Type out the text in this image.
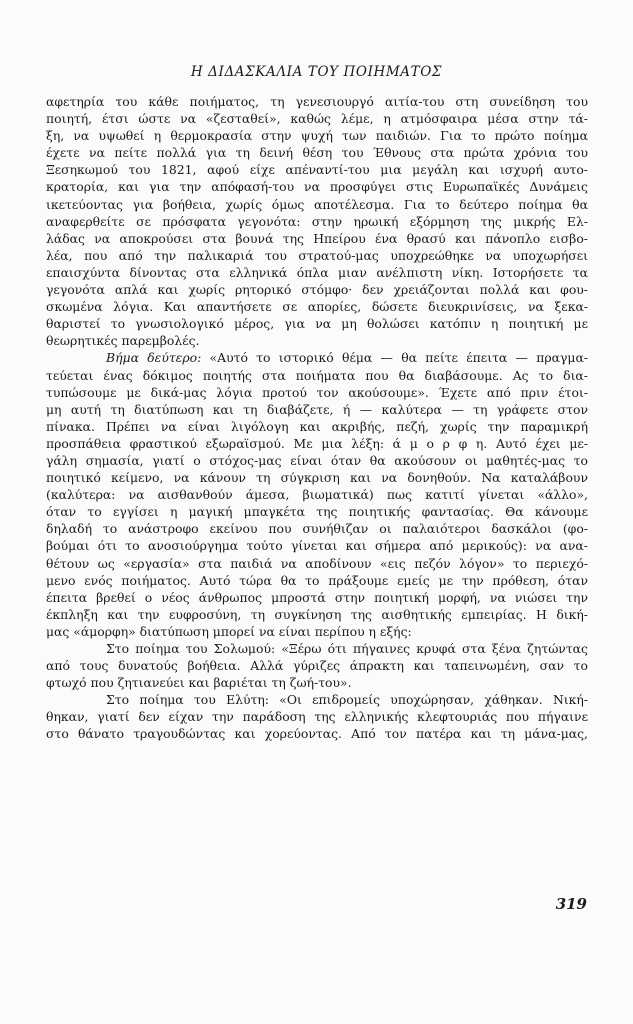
Η ΔΙΔΑΣΚΑΛΙΑ ΤΟΥ ΠΟΙΗΜΑΤΟΣ
αφετηρία του κάθε ποιήματος, τη γενεσιουργό αιτία-του στη συνείδηση του
ποιητή, έτσι ώστε να «ζεσταθεί», καθώς λέμε, η ατμόσφαιρα μέσα στην τά-
ξη, να υψωθεί η θερμοκρασία στην ψυχή των παιδιών. Για το πρώτο ποίημα
έχετε να πείτε πολλά για τη δεινή θέση του Έθνους στα πρώτα χρόνια του
Ξεσηκωμού του 1821, αφού είχε απέναντί-του μια μεγάλη και ισχυρή αυτο-
κρατορία, και για την απόφασή-του να προσφύγει στις Ευρωπαϊκές Δυνάμεις
ικετεύοντας για βοήθεια, χωρίς όμως αποτέλεσμα. Για το δεύτερο ποίημα θα
αναφερθείτε σε πρόσφατα γεγονότα: στην ηρωική εξόρμηση της μικρής Ελ-
λάδας να αποκρούσει στα βουνά της Ηπείρου ένα θρασύ και πάνοπλο εισβο-
λέα, που από την παλικαριά του στρατού-μας υποχρεώθηκε να υποχωρήσει
επαισχύντα δίνοντας στα ελληνικά όπλα μιαν ανέλπιστη νίκη. Ιστορήσετε τα
γεγονότα απλά και χωρίς ρητορικό στόμφο· δεν χρειάζονται πολλά και φου-
σκωμένα λόγια. Και απαντήσετε σε απορίες, δώσετε διευκρινίσεις, να ξεκα-
θαριστεί το γνωσιολογικό μέρος, για να μη θολώσει κατόπιν η ποιητική με
θεωρητικές παρεμβολές.
Βήμα δεύτερο: «Αυτό το ιστορικό θέμα — θα πείτε έπειτα — πραγμα-
τεύεται ένας δόκιμος ποιητής στα ποιήματα που θα διαβάσουμε. Ας το δια-
τυπώσουμε με δικά-μας λόγια προτού τον ακούσουμε». Έχετε από πριν έτοι-
μη αυτή τη διατύπωση και τη διαβάζετε, ή — καλύτερα — τη γράφετε στον
πίνακα. Πρέπει να είναι λιγόλογη και ακριβής, πεζή, χωρίς την παραμικρή
προσπάθεια φραστικού εξωραϊσμού. Με μια λέξη: ά μ ο ρ φ η. Αυτό έχει με-
γάλη σημασία, γιατί ο στόχος-μας είναι όταν θα ακούσουν οι μαθητές-μας το
ποιητικό κείμενο, να κάνουν τη σύγκριση και να δονηθούν. Να καταλάβουν
(καλύτερα: να αισθανθούν άμεσα, βιωματικά) πως κατιτί γίνεται «άλλο»,
όταν το εγγίσει η μαγική μπαγκέτα της ποιητικής φαντασίας. Θα κάνουμε
δηλαδή το ανάστροφο εκείνου που συνήθιζαν οι παλαιότεροι δασκάλοι (φο-
βούμαι ότι το ανοσιούργημα τούτο γίνεται και σήμερα από μερικούς): να ανα-
θέτουν ως «εργασία» στα παιδιά να αποδίνουν «εις πεζόν λόγον» το περιεχό-
μενο ενός ποιήματος. Αυτό τώρα θα το πράξουμε εμείς με την πρόθεση, όταν
έπειτα βρεθεί ο νέος άνθρωπος μπροστά στην ποιητική μορφή, να νιώσει την
έκπληξη και την ευφροσύνη, τη συγκίνηση της αισθητικής εμπειρίας. Η δική-
μας «άμορφη» διατύπωση μπορεί να είναι περίπου η εξής:
Στο ποίημα του Σολωμού: «Ξέρω ότι πήγαινες κρυφά στα ξένα ζητώντας
από τους δυνατούς βοήθεια. Αλλά γύριζες άπρακτη και ταπεινωμένη, σαν το
φτωχό που ζητιανεύει και βαριέται τη ζωή-του».
Στο ποίημα του Ελύτη: «Οι επιδρομείς υποχώρησαν, χάθηκαν. Νική-
θηκαν, γιατί δεν είχαν την παράδοση της ελληνικής κλεφτουριάς που πήγαινε
στο θάνατο τραγουδώντας και χορεύοντας. Από τον πατέρα και τη μάνα-μας,
319
